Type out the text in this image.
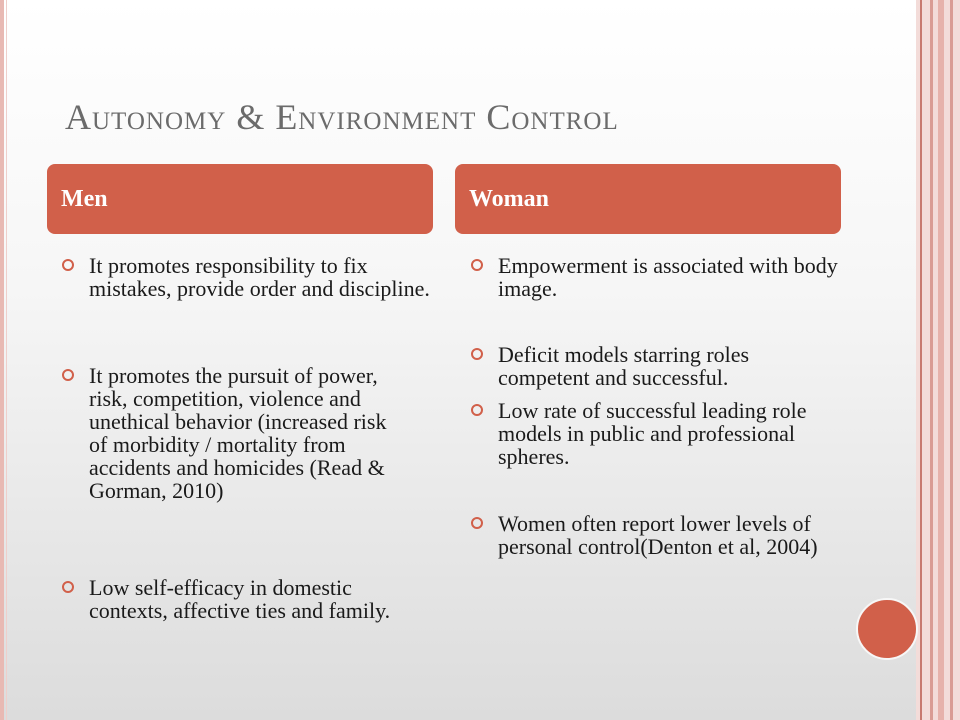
Autonomy & Environment Control
Men	Woman
It promotes responsibility to fix mistakes, provide order and discipline.
It promotes the pursuit of power, risk, competition, violence and unethical behavior (increased risk of morbidity / mortality from accidents and homicides (Read & Gorman, 2010)
Low self-efficacy in domestic contexts, affective ties and family.
Empowerment is associated with body image.
Deficit models starring roles competent and successful.
Low rate of successful leading role models in public and professional spheres.
Women often report lower levels of personal control(Denton et al, 2004)
